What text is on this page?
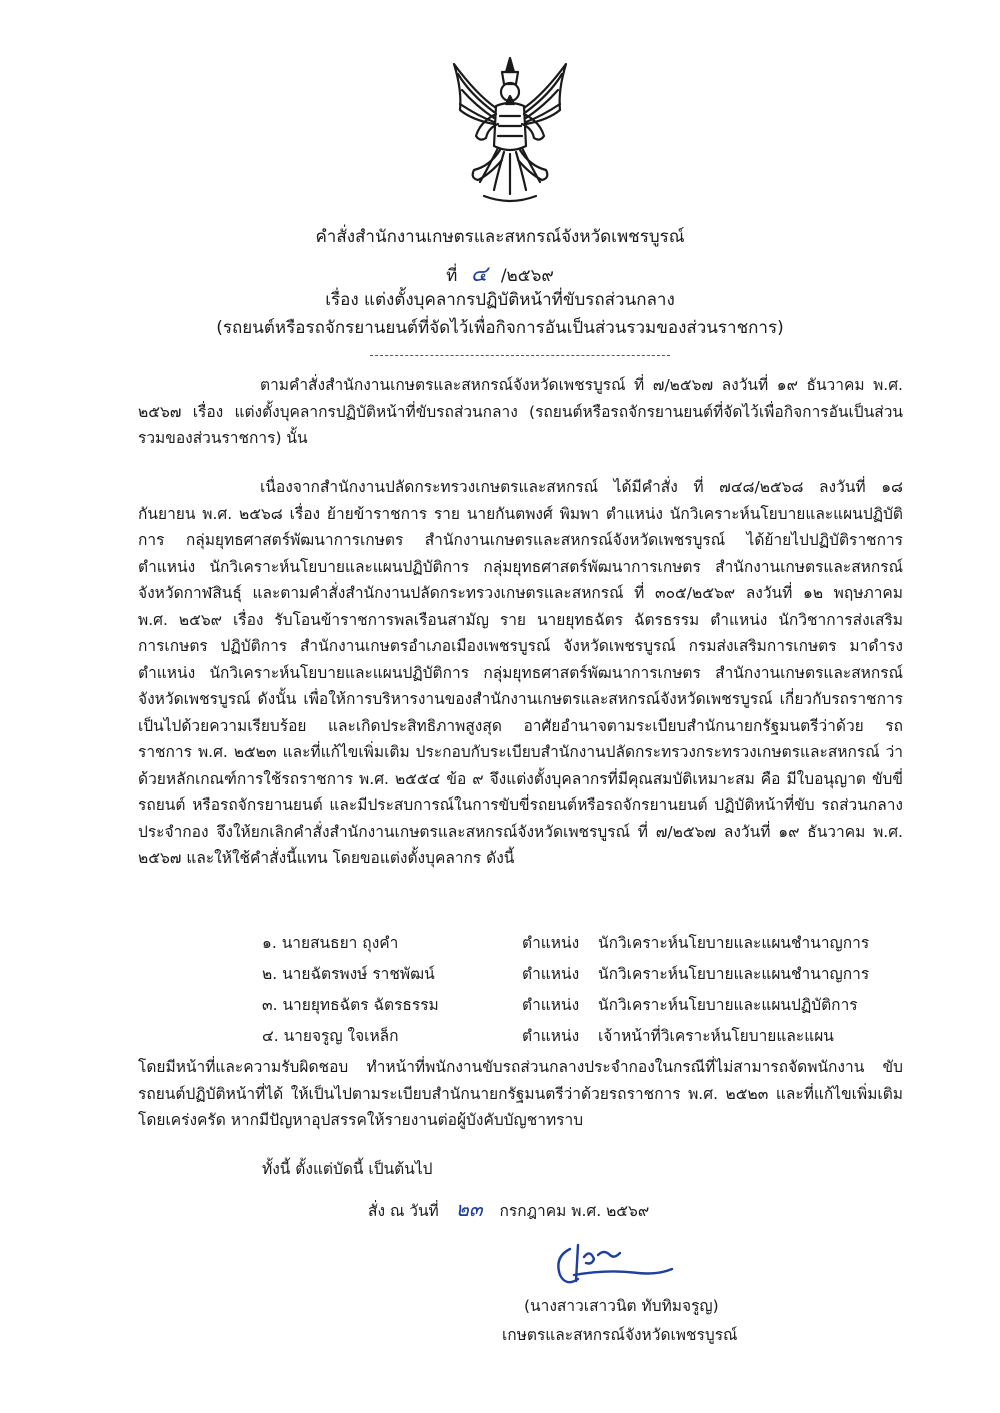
คำสั่งสำนักงานเกษตรและสหกรณ์จังหวัดเพชรบูรณ์
ที่ ๔ /๒๕๖๙
เรื่อง แต่งตั้งบุคลากรปฏิบัติหน้าที่ขับรถส่วนกลาง
(รถยนต์หรือรถจักรยานยนต์ที่จัดไว้เพื่อกิจการอันเป็นส่วนรวมของส่วนราชการ)
ตามคำสั่งสำนักงานเกษตรและสหกรณ์จังหวัดเพชรบูรณ์ ที่ ๗/๒๕๖๗ ลงวันที่ ๑๙ ธันวาคม พ.ศ. ๒๕๖๗ เรื่อง แต่งตั้งบุคลากรปฏิบัติหน้าที่ขับรถส่วนกลาง (รถยนต์หรือรถจักรยานยนต์ที่จัดไว้เพื่อกิจการอันเป็นส่วนรวมของส่วนราชการ) นั้น
เนื่องจากสำนักงานปลัดกระทรวงเกษตรและสหกรณ์ ได้มีคำสั่ง ที่ ๗๔๘/๒๕๖๘ ลงวันที่ ๑๘ กันยายน พ.ศ. ๒๕๖๘ เรื่อง ย้ายข้าราชการ ราย นายกันตพงศ์ พิมพา ตำแหน่ง นักวิเคราะห์นโยบายและแผนปฏิบัติการ กลุ่มยุทธศาสตร์พัฒนาการเกษตร สำนักงานเกษตรและสหกรณ์จังหวัดเพชรบูรณ์ ได้ย้ายไปปฏิบัติราชการ ตำแหน่ง นักวิเคราะห์นโยบายและแผนปฏิบัติการ กลุ่มยุทธศาสตร์พัฒนาการเกษตร สำนักงานเกษตรและสหกรณ์ จังหวัดกาฬสินธุ์ และตามคำสั่งสำนักงานปลัดกระทรวงเกษตรและสหกรณ์ ที่ ๓๐๕/๒๕๖๙ ลงวันที่ ๑๒ พฤษภาคม พ.ศ. ๒๕๖๙ เรื่อง รับโอนข้าราชการพลเรือนสามัญ ราย นายยุทธฉัตร ฉัตรธรรม ตำแหน่ง นักวิชาการส่งเสริมการเกษตร ปฏิบัติการ สำนักงานเกษตรอำเภอเมืองเพชรบูรณ์ จังหวัดเพชรบูรณ์ กรมส่งเสริมการเกษตร มาดำรงตำแหน่ง นักวิเคราะห์นโยบายและแผนปฏิบัติการ กลุ่มยุทธศาสตร์พัฒนาการเกษตร สำนักงานเกษตรและสหกรณ์ จังหวัดเพชรบูรณ์ ดังนั้น เพื่อให้การบริหารงานของสำนักงานเกษตรและสหกรณ์จังหวัดเพชรบูรณ์ เกี่ยวกับรถราชการ เป็นไปด้วยความเรียบร้อย และเกิดประสิทธิภาพสูงสุด อาศัยอำนาจตามระเบียบสำนักนายกรัฐมนตรีว่าด้วย รถราชการ พ.ศ. ๒๕๒๓ และที่แก้ไขเพิ่มเติม ประกอบกับระเบียบสำนักงานปลัดกระทรวงกระทรวงเกษตรและสหกรณ์ ว่าด้วยหลักเกณฑ์การใช้รถราชการ พ.ศ. ๒๕๕๔ ข้อ ๙ จึงแต่งตั้งบุคลากรที่มีคุณสมบัติเหมาะสม คือ มีใบอนุญาต ขับขี่รถยนต์ หรือรถจักรยานยนต์ และมีประสบการณ์ในการขับขี่รถยนต์หรือรถจักรยานยนต์ ปฏิบัติหน้าที่ขับ รถส่วนกลางประจำกอง จึงให้ยกเลิกคำสั่งสำนักงานเกษตรและสหกรณ์จังหวัดเพชรบูรณ์ ที่ ๗/๒๕๖๗ ลงวันที่ ๑๙ ธันวาคม พ.ศ. ๒๕๖๗ และให้ใช้คำสั่งนี้แทน โดยขอแต่งตั้งบุคลากร ดังนี้
๑. นายสนธยา ถุงคำ	ตำแหน่ง นักวิเคราะห์นโยบายและแผนชำนาญการ
๒. นายฉัตรพงษ์ ราชพัฒน์	ตำแหน่ง นักวิเคราะห์นโยบายและแผนชำนาญการ
๓. นายยุทธฉัตร ฉัตรธรรม	ตำแหน่ง นักวิเคราะห์นโยบายและแผนปฏิบัติการ
๔. นายจรูญ ใจเหล็ก	ตำแหน่ง เจ้าหน้าที่วิเคราะห์นโยบายและแผน
โดยมีหน้าที่และความรับผิดชอบ ทำหน้าที่พนักงานขับรถส่วนกลางประจำกองในกรณีที่ไม่สามารถจัดพนักงาน ขับรถยนต์ปฏิบัติหน้าที่ได้ ให้เป็นไปตามระเบียบสำนักนายกรัฐมนตรีว่าด้วยรถราชการ พ.ศ. ๒๕๒๓ และที่แก้ไขเพิ่มเติม โดยเคร่งครัด หากมีปัญหาอุปสรรคให้รายงานต่อผู้บังคับบัญชาทราบ
ทั้งนี้ ตั้งแต่บัดนี้ เป็นต้นไป
สั่ง ณ วันที่ ๒๓ กรกฎาคม พ.ศ. ๒๕๖๙
(นางสาวเสาวนิต ทับทิมจรูญ)
เกษตรและสหกรณ์จังหวัดเพชรบูรณ์
